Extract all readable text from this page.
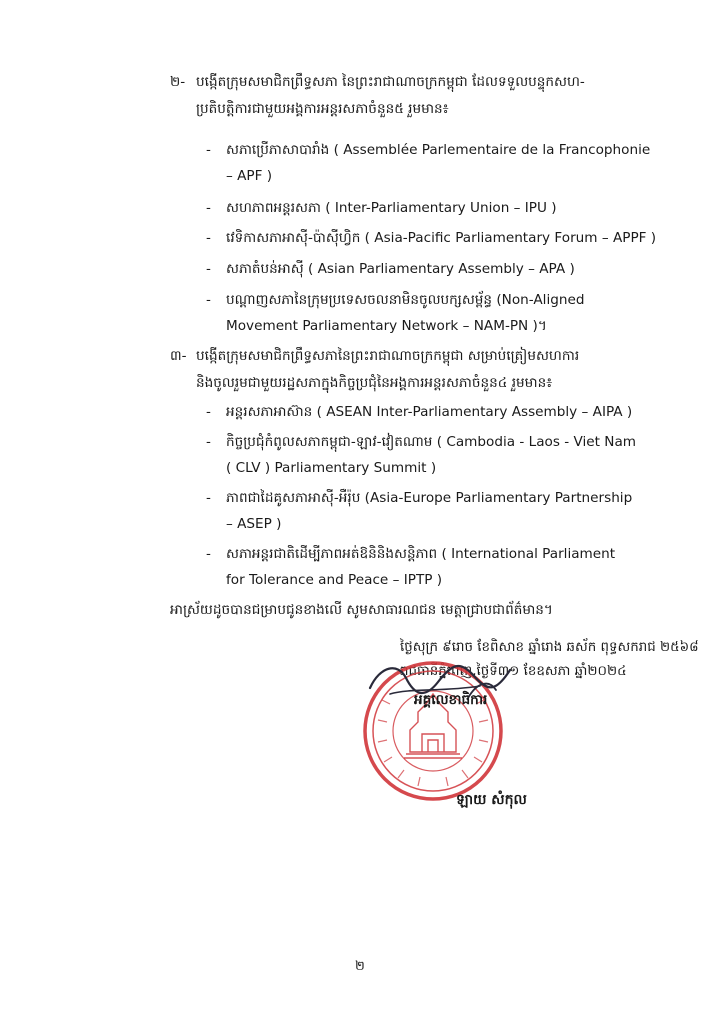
២- បង្កើតក្រុមសមាជិកព្រឹទ្ធសភា នៃព្រះរាជាណាចក្រកម្ពុជា ដែលទទួលបន្ទុកសហ-
ប្រតិបត្តិការជាមួយអង្គការអន្តរសភាចំនួន៥ រួមមាន៖
- សភាប្រើភាសាបារាំង ( Assemblée Parlementaire de la Francophonie
– APF )
- សហភាពអន្តរសភា ( Inter-Parliamentary Union – IPU )
- វេទិកាសភាអាស៊ី-ប៉ាស៊ីហ្វិក ( Asia-Pacific Parliamentary Forum – APPF )
- សភាតំបន់អាស៊ី ( Asian Parliamentary Assembly – APA )
- បណ្តាញសភានៃក្រុមប្រទេសចលនាមិនចូលបក្សសម្ព័ន្ធ (Non-Aligned
Movement Parliamentary Network – NAM-PN )។
៣- បង្កើតក្រុមសមាជិកព្រឹទ្ធសភានៃព្រះរាជាណាចក្រកម្ពុជា សម្រាប់ត្រៀមសហការ
និងចូលរួមជាមួយរដ្ឋសភាក្នុងកិច្ចប្រជុំនៃអង្គការអន្តរសភាចំនួន៤ រួមមាន៖
- អន្តរសភាអាស៊ាន ( ASEAN Inter-Parliamentary Assembly – AIPA )
- កិច្ចប្រជុំកំពូលសភាកម្ពុជា-ឡាវ-វៀតណាម ( Cambodia - Laos - Viet Nam
( CLV ) Parliamentary Summit )
- ភាពជាដៃគូសភាអាស៊ី-អឺរ៉ុប (Asia-Europe Parliamentary Partnership
– ASEP )
- សភាអន្តរជាតិដើម្បីភាពអត់ឱនិនិងសន្តិភាព ( International Parliament
for Tolerance and Peace – IPTP )
អាស្រ័យដូចបានជម្រាបជូនខាងលើ សូមសាធារណជន មេត្តាជ្រាបជាព័ត៌មាន។
ថ្ងៃសុក្រ ៩រោច ខែពិសាខ ឆ្នាំរោង ឆស័ក ពុទ្ធសករាជ ២៥៦៨
រាជធានីភ្នំពេញ,ថ្ងៃទី៣១ ខែឧសភា ឆ្នាំ២០២៤
អគ្គលេខាធិការ
ឡាយ សំកុល
២
